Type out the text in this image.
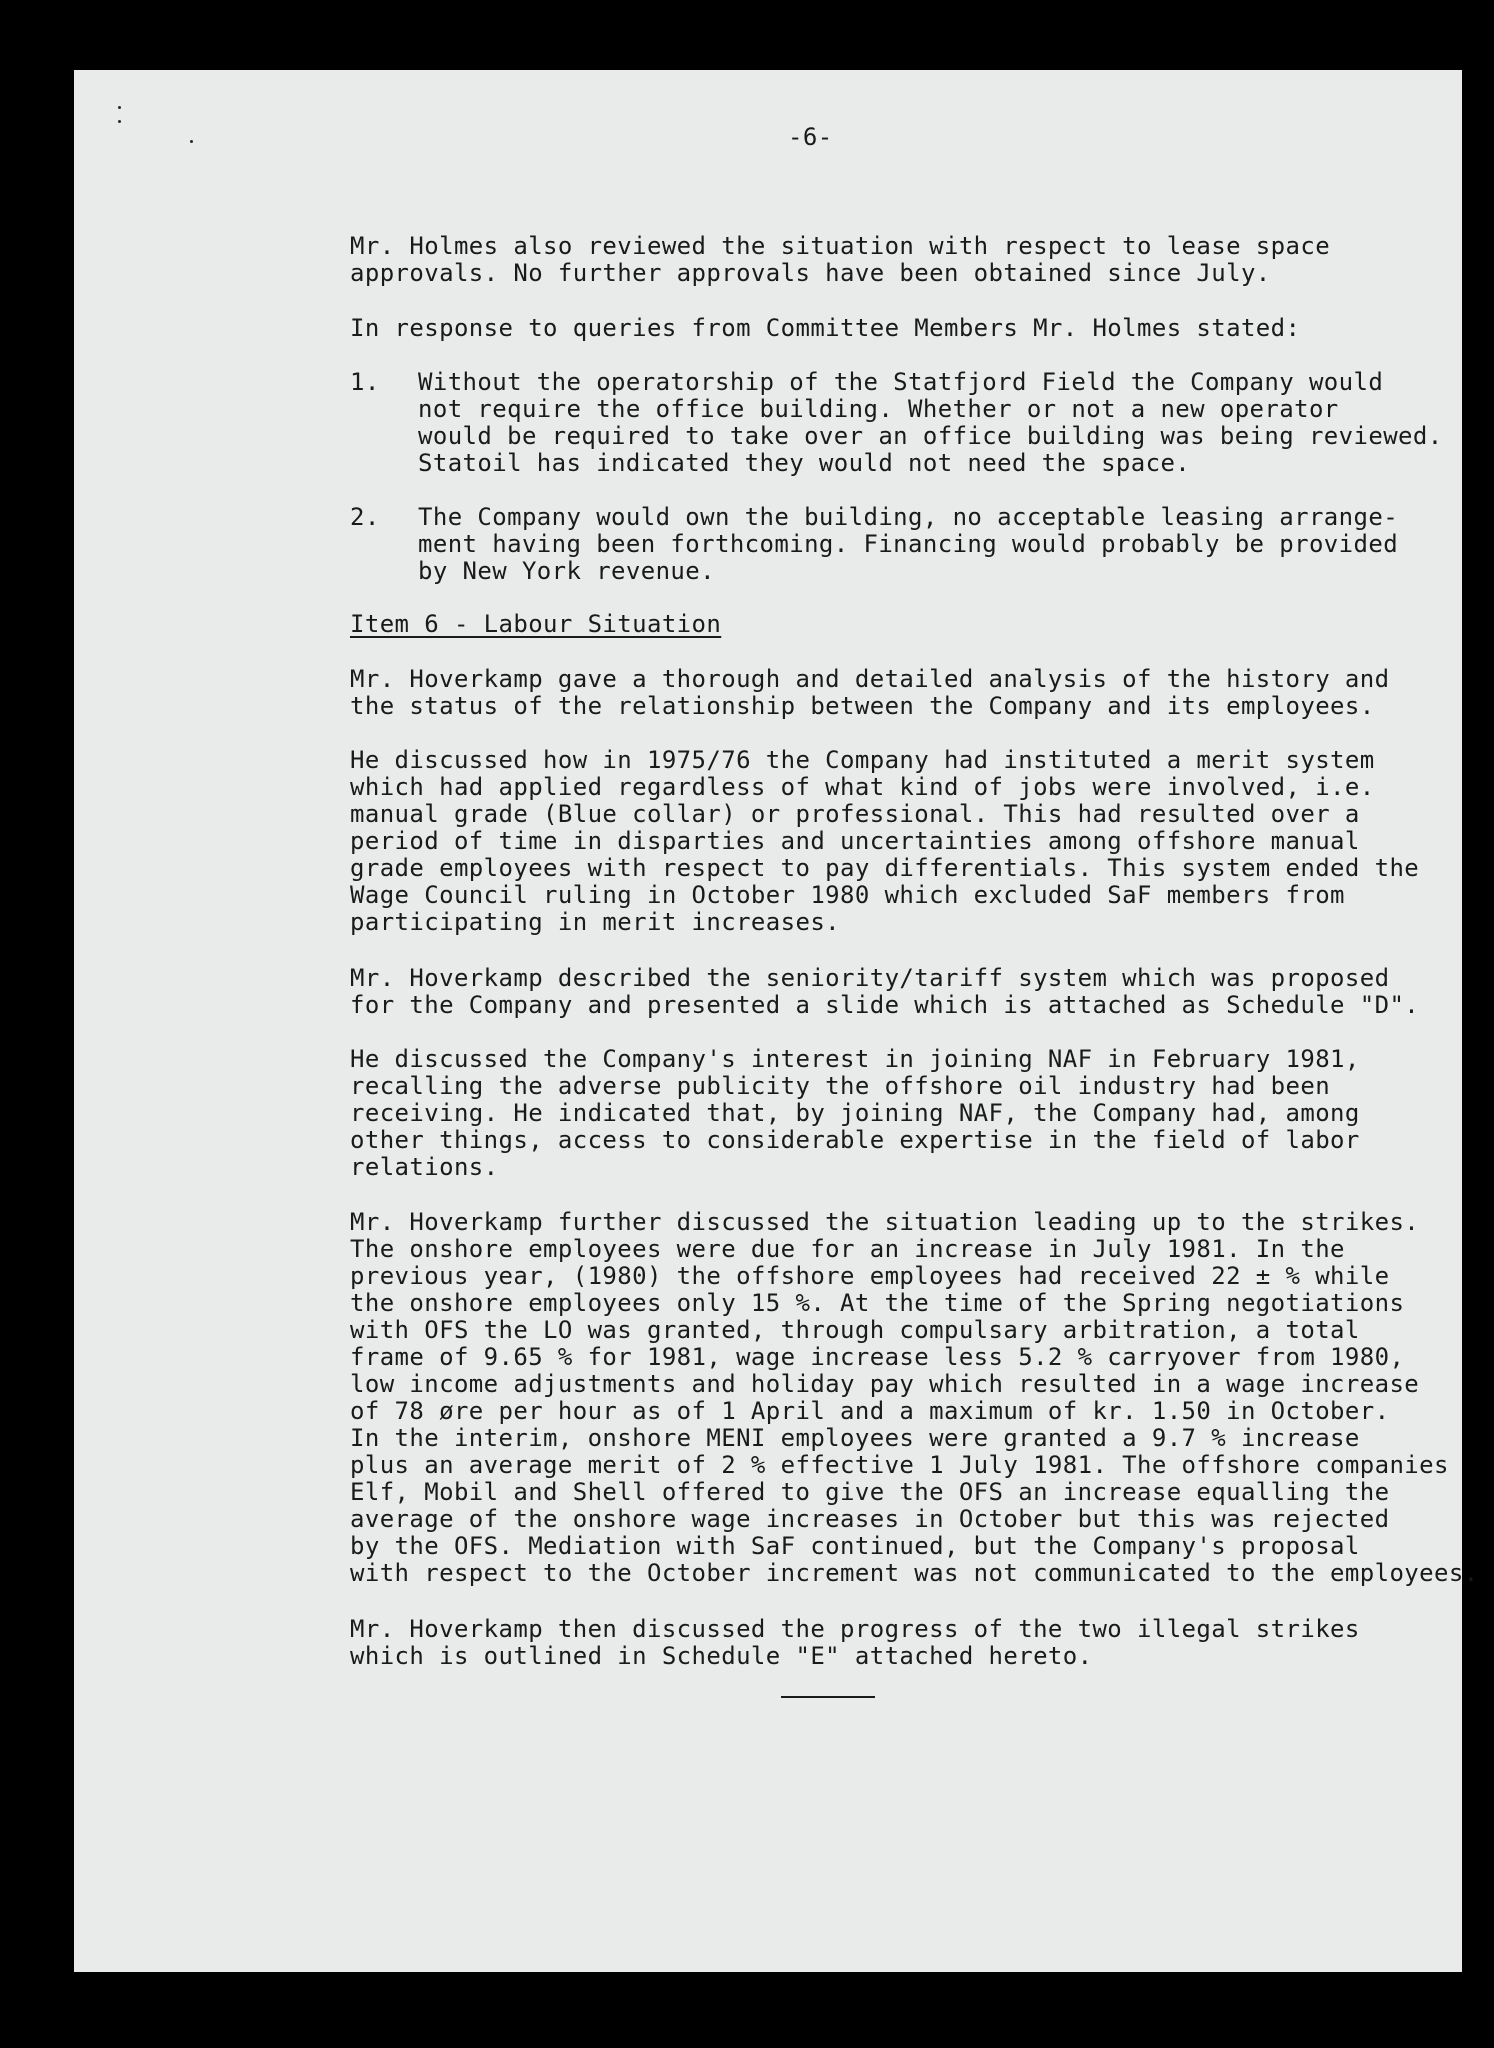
-6-

Mr. Holmes also reviewed the situation with respect to lease space
approvals. No further approvals have been obtained since July.

In response to queries from Committee Members Mr. Holmes stated:

1. Without the operatorship of the Statfjord Field the Company would
not require the office building. Whether or not a new operator
would be required to take over an office building was being reviewed.
Statoil has indicated they would not need the space.

2. The Company would own the building, no acceptable leasing arrange-
ment having been forthcoming. Financing would probably be provided
by New York revenue.

Item 6 - Labour Situation

Mr. Hoverkamp gave a thorough and detailed analysis of the history and
the status of the relationship between the Company and its employees.

He discussed how in 1975/76 the Company had instituted a merit system
which had applied regardless of what kind of jobs were involved, i.e.
manual grade (Blue collar) or professional. This had resulted over a
period of time in disparties and uncertainties among offshore manual
grade employees with respect to pay differentials. This system ended
Wage Council ruling in October 1980 which excluded SaF members from
participating in merit increases.

Mr. Hoverkamp described the seniority/tariff system which was proposed
for the Company and presented a slide which is attached as Schedule "D".

He discussed the Company's interest in joining NAF in February 1981,
recalling the adverse publicity the offshore oil industry had been
receiving. He indicated that, by joining NAF, the Company had, among
other things, access to considerable expertise in the field of labor
relations.

Mr. Hoverkamp further discussed the situation leading up to the strikes.
The onshore employees were due for an increase in July 1981. In the
previous year, (1980) the offshore employees had received 22 ± % while
the onshore employees only 15 %. At the time of the Spring negotiations
with OFS the LO was granted, through compulsary arbitration, a total
frame of 9.65 % for 1981, wage increase less 5.2 % carryover from 1980,
low income adjustments and holiday pay which resulted in a wage increase
of 78 øre per hour as of 1 April and a maximum of kr. 1.50 in October.
In the interim, onshore MENI employees were granted a 9.7 % increase
plus an average merit of 2 % effective 1 July 1981. The offshore companies
Elf, Mobil and Shell offered to give the OFS an increase equalling the
average of the onshore wage increases in October but this was rejected
by the OFS. Mediation with SaF continued, but the Company's proposal
with respect to the October increment was not communicated to the

Mr. Hoverkamp then discussed the progress of the two illegal strikes
which is outlined in Schedule "E" attached hereto.
